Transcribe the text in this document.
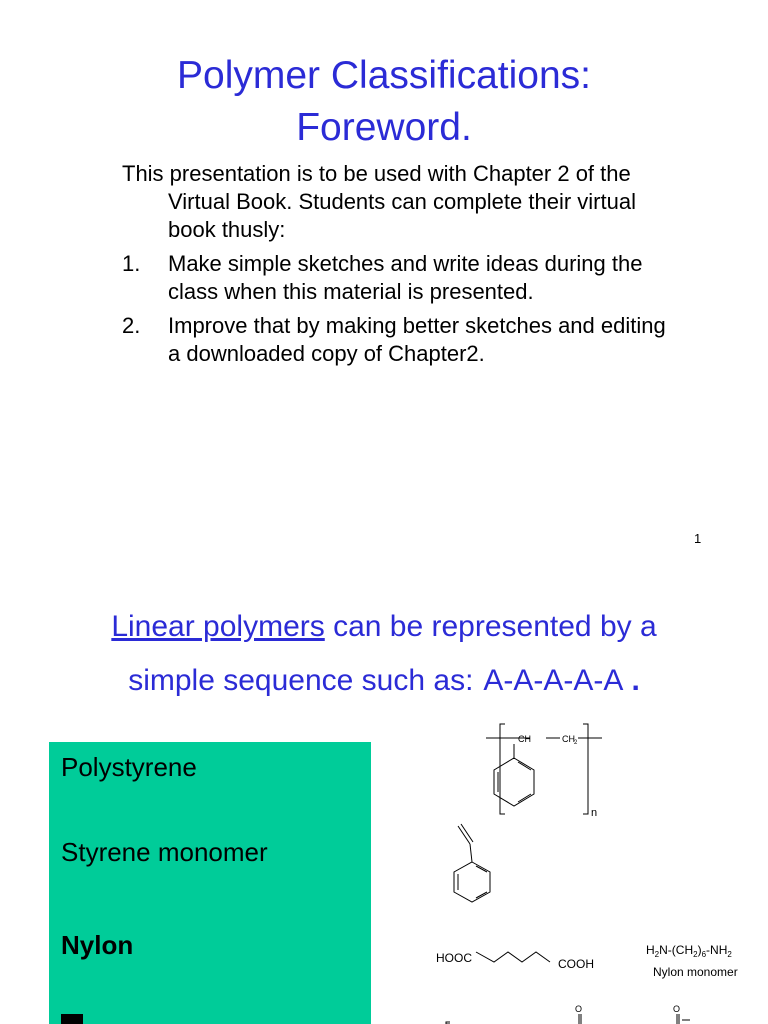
Polymer Classifications:
Foreword.
This presentation is to be used with Chapter 2 of the Virtual Book. Students can complete their virtual book thusly:
1.	Make simple sketches and write ideas during the class when this material is presented.
2.	Improve that by making better sketches and editing a downloaded copy of Chapter2.
1
Linear polymers can be represented by a
simple sequence such as: A-A-A-A-A .
Polystyrene
Styrene monomer
Nylon
CH	CH 2
n
HOOC	COOH
$H_2N-(CH_2)_6-NH_2$
Nylon monomer
O	O
